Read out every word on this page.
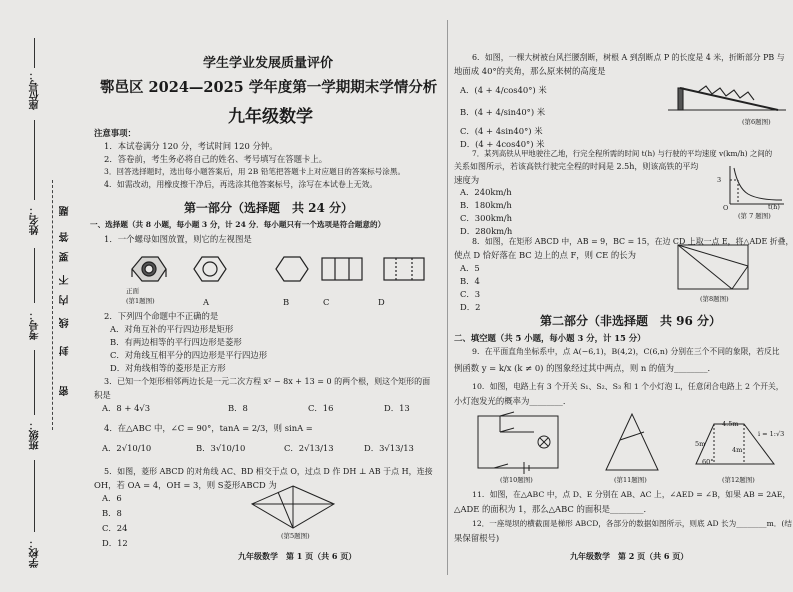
座位号：
姓名：
考号：
班级：
学校：
密
封
线
内
不
要
答
题
学生学业发展质量评价
鄠邑区 2024—2025 学年度第一学期期末学情分析
九年级数学
注意事项：
1．本试卷满分 120 分，考试时间 120 分钟。
2．答卷前，考生务必将自己的姓名、考号填写在答题卡上。
3．回答选择题时，选出每小题答案后，用 2B 铅笔把答题卡上对应题目的答案标号涂黑。
4．如需改动，用橡皮擦干净后，再选涂其他答案标号，涂写在本试卷上无效。
第一部分（选择题　共 24 分）
一、选择题（共 8 小题，每小题 3 分，计 24 分．每小题只有一个选项是符合题意的）
1．一个螺母如图放置，则它的左视图是
正面
(第1题图)	A	B	C	D
2．下列四个命题中不正确的是
A．对角互补的平行四边形是矩形
B．有两边相等的平行四边形是菱形
C．对角线互相平分的四边形是平行四边形
D．对角线相等的菱形是正方形
3．已知一个矩形相邻两边长是一元二次方程 x² − 8x + 13 = 0 的两个根，则这个矩形的面
积是
A．8 + 4√3	B．8	C．16	D．13
4．在△ABC 中，∠C = 90°，tanA = 2/3，则 sinA =
A．2√10/10	B．3√10/10	C．2√13/13	D．3√13/13
5．如图，菱形 ABCD 的对角线 AC、BD 相交于点 O，过点 D 作 DH ⊥ AB 于点 H，连接
OH，若 OA = 4，OH = 3，则 S菱形ABCD 为
A．6
B．8
C．24
D．12
(第5题图)
九年级数学　第 1 页（共 6 页）
6．如图，一棵大树被台风拦腰刮断，树根 A 到刮断点 P 的长度是 4 米，折断部分 PB 与
地面成 40°的夹角，那么原来树的高度是
A．(4 + 4/cos40°) 米
B．(4 + 4/sin40°) 米
C．(4 + 4sin40°) 米
D．(4 + 4cos40°) 米
(第6题图)
7．某列高铁从甲地驶往乙地，行完全程所需的时间 t(h) 与行驶的平均速度 v(km/h) 之间的
关系如图所示，若该高铁行驶完全程的时间是 2.5h，则该高铁的平均
速度为
A．240km/h
B．180km/h
C．300km/h
D．280km/h
3
O	t(h)
(第 7 题图)
8．如图，在矩形 ABCD 中，AB = 9，BC = 15，在边 CD 上取一点 E，将△ADE 折叠，
使点 D 恰好落在 BC 边上的点 F，则 CE 的长为
A．5
B．4
C．3
D．2
(第8题图)
第二部分（非选择题　共 96 分）
二、填空题（共 5 小题，每小题 3 分，计 15 分）
9．在平面直角坐标系中，点 A(−6,1)，B(4,2)，C(6,n) 分别在三个不同的象限，若反比
例函数 y = k/x (k ≠ 0) 的图象经过其中两点，则 n 的值为________．
10．如图，电路上有 3 个开关 S₁、S₂、S₃ 和 1 个小灯泡 L，任意闭合电路上 2 个开关，
小灯泡发光的概率为________．
(第10题图)	(第11题图)
4.5m
5m
4m
i = 1:√3
60°
(第12题图)
11．如图，在△ABC 中，点 D、E 分别在 AB、AC 上，∠AED = ∠B，如果 AB = 2AE，
△ADE 的面积为 1，那么△ABC 的面积是________．
12．一座堤坝的横截面是梯形 ABCD，各部分的数据如图所示，则底 AD 长为________m．(结
果保留根号)
九年级数学　第 2 页（共 6 页）
